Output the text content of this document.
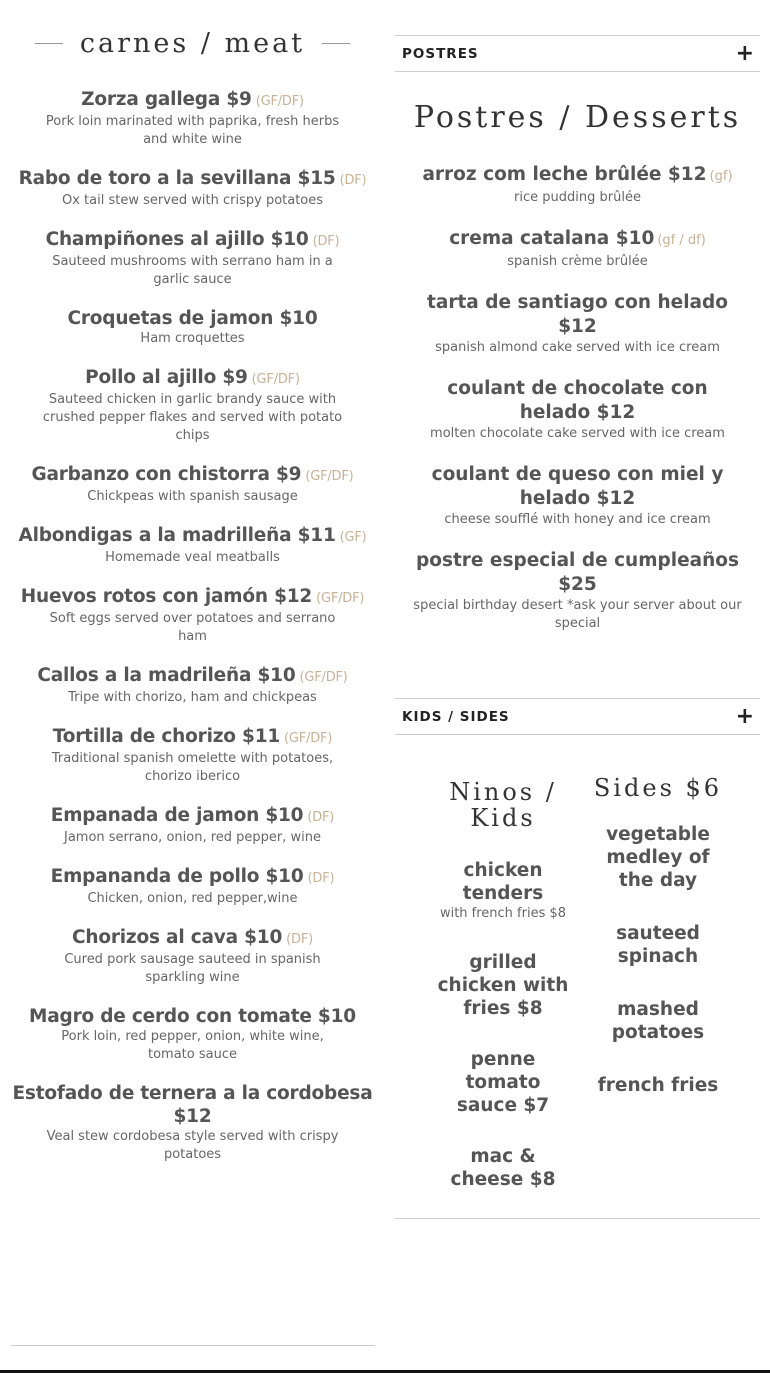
carnes / meat
Zorza gallega $9 (GF/DF)
Pork loin marinated with paprika, fresh herbs and white wine
Rabo de toro a la sevillana $15 (DF)
Ox tail stew served with crispy potatoes
Champiñones al ajillo $10 (DF)
Sauteed mushrooms with serrano ham in a garlic sauce
Croquetas de jamon $10
Ham croquettes
Pollo al ajillo $9 (GF/DF)
Sauteed chicken in garlic brandy sauce with crushed pepper flakes and served with potato chips
Garbanzo con chistorra $9 (GF/DF)
Chickpeas with spanish sausage
Albondigas a la madrilleña $11 (GF)
Homemade veal meatballs
Huevos rotos con jamón $12 (GF/DF)
Soft eggs served over potatoes and serrano ham
Callos a la madrileña $10 (GF/DF)
Tripe with chorizo, ham and chickpeas
Tortilla de chorizo $11 (GF/DF)
Traditional spanish omelette with potatoes, chorizo iberico
Empanada de jamon $10 (DF)
Jamon serrano, onion, red pepper, wine
Empananda de pollo $10 (DF)
Chicken, onion, red pepper,wine
Chorizos al cava $10 (DF)
Cured pork sausage sauteed in spanish sparkling wine
Magro de cerdo con tomate $10
Pork loin, red pepper, onion, white wine, tomato sauce
Estofado de ternera a la cordobesa $12
Veal stew cordobesa style served with crispy potatoes
POSTRES	+
Postres / Desserts
arroz com leche brûlée $12 (gf)
rice pudding brûlée
crema catalana $10 (gf / df)
spanish crème brûlée
tarta de santiago con helado $12
spanish almond cake served with ice cream
coulant de chocolate con helado $12
molten chocolate cake served with ice cream
coulant de queso con miel y helado $12
cheese soufflé with honey and ice cream
postre especial de cumpleaños $25
special birthday desert *ask your server about our special
KIDS / SIDES	+
Ninos / Kids
chicken tenders
with french fries $8
grilled chicken with fries $8
penne tomato sauce $7
mac & cheese $8
Sides $6
vegetable medley of the day
sauteed spinach
mashed potatoes
french fries
